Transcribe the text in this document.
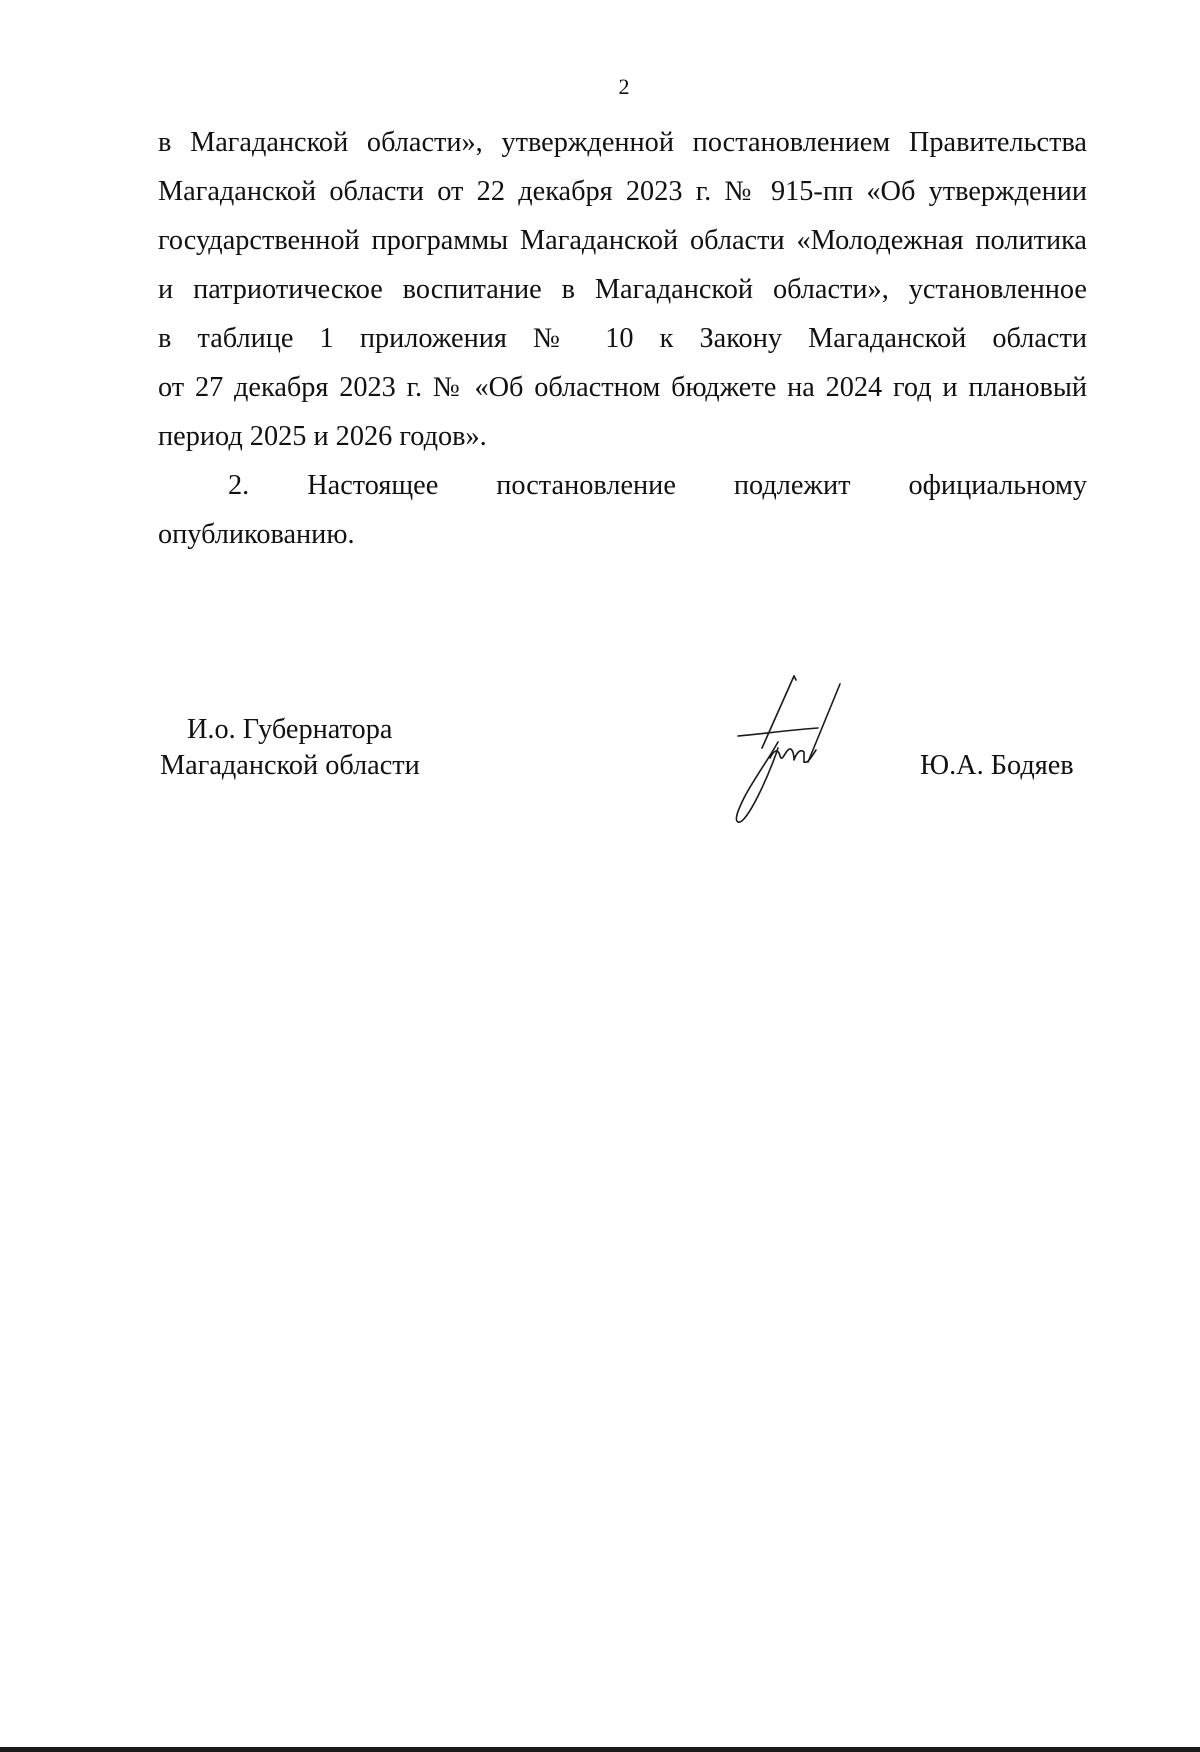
2

в Магаданской области», утвержденной постановлением Правительства
Магаданской области от 22 декабря 2023 г. № 915-пп «Об утверждении
государственной программы Магаданской области «Молодежная политика
и патриотическое воспитание в Магаданской области», установленное
в таблице 1 приложения № 10 к Закону Магаданской области
от 27 декабря 2023 г. № «Об областном бюджете на 2024 год и плановый
период 2025 и 2026 годов».

2. Настоящее постановление подлежит официальному
опубликованию.

И.о. Губернатора
Магаданской области	Ю.А. Бодяев
